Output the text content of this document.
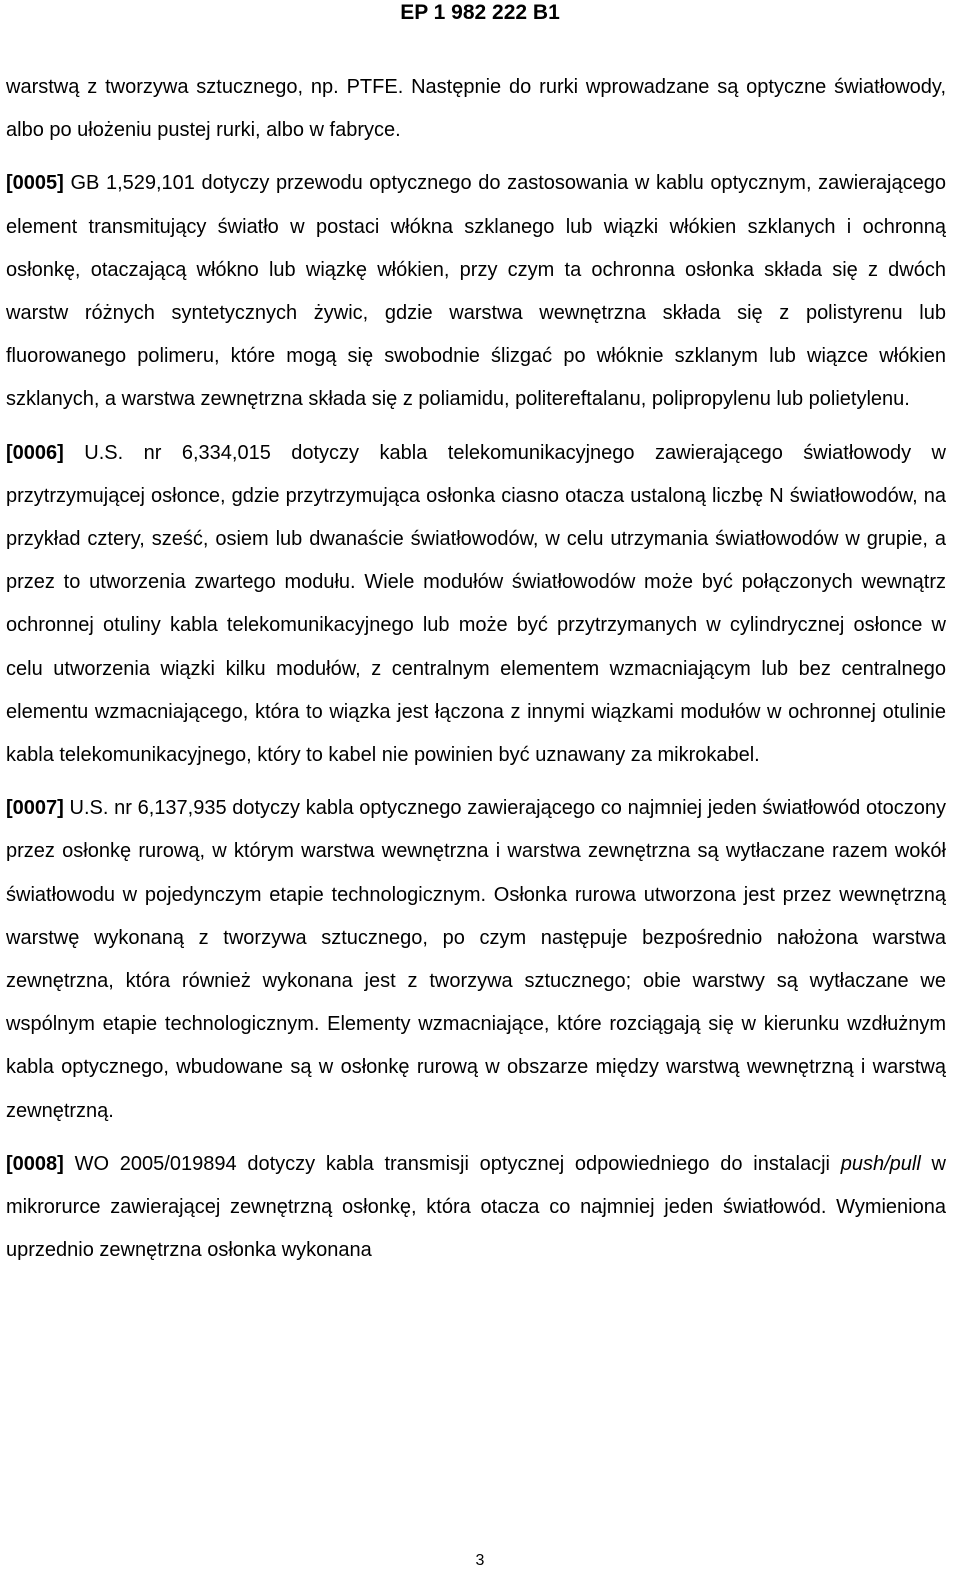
EP 1 982 222 B1

warstwą z tworzywa sztucznego, np. PTFE. Następnie do rurki wprowadzane są optyczne światłowody, albo po ułożeniu pustej rurki, albo w fabryce.

[0005] GB 1,529,101 dotyczy przewodu optycznego do zastosowania w kablu optycznym, zawierającego element transmitujący światło w postaci włókna szklanego lub wiązki włókien szklanych i ochronną osłonkę, otaczającą włókno lub wiązkę włókien, przy czym ta ochronna osłonka składa się z dwóch warstw różnych syntetycznych żywic, gdzie warstwa wewnętrzna składa się z polistyrenu lub fluorowanego polimeru, które mogą się swobodnie ślizgać po włóknie szklanym lub wiązce włókien szklanych, a warstwa zewnętrzna składa się z poliamidu, politereftalanu, polipropylenu lub polietylenu.

[0006] U.S. nr 6,334,015 dotyczy kabla telekomunikacyjnego zawierającego światłowody w przytrzymującej osłonce, gdzie przytrzymująca osłonka ciasno otacza ustaloną liczbę N światłowodów, na przykład cztery, sześć, osiem lub dwanaście światłowodów, w celu utrzymania światłowodów w grupie, a przez to utworzenia zwartego modułu. Wiele modułów światłowodów może być połączonych wewnątrz ochronnej otuliny kabla telekomunikacyjnego lub może być przytrzymanych w cylindrycznej osłonce w celu utworzenia wiązki kilku modułów, z centralnym elementem wzmacniającym lub bez centralnego elementu wzmacniającego, która to wiązka jest łączona z innymi wiązkami modułów w ochronnej otulinie kabla telekomunikacyjnego, który to kabel nie powinien być uznawany za mikrokabel.

[0007] U.S. nr 6,137,935 dotyczy kabla optycznego zawierającego co najmniej jeden światłowód otoczony przez osłonkę rurową, w którym warstwa wewnętrzna i warstwa zewnętrzna są wytłaczane razem wokół światłowodu w pojedynczym etapie technologicznym. Osłonka rurowa utworzona jest przez wewnętrzną warstwę wykonaną z tworzywa sztucznego, po czym następuje bezpośrednio nałożona warstwa zewnętrzna, która również wykonana jest z tworzywa sztucznego; obie warstwy są wytłaczane we wspólnym etapie technologicznym. Elementy wzmacniające, które rozciągają się w kierunku wzdłużnym kabla optycznego, wbudowane są w osłonkę rurową w obszarze między warstwą wewnętrzną i warstwą zewnętrzną.

[0008] WO 2005/019894 dotyczy kabla transmisji optycznej odpowiedniego do instalacji push/pull w mikrorurce zawierającej zewnętrzną osłonkę, która otacza co najmniej jeden światłowód. Wymieniona uprzednio zewnętrzna osłonka wykonana

3
